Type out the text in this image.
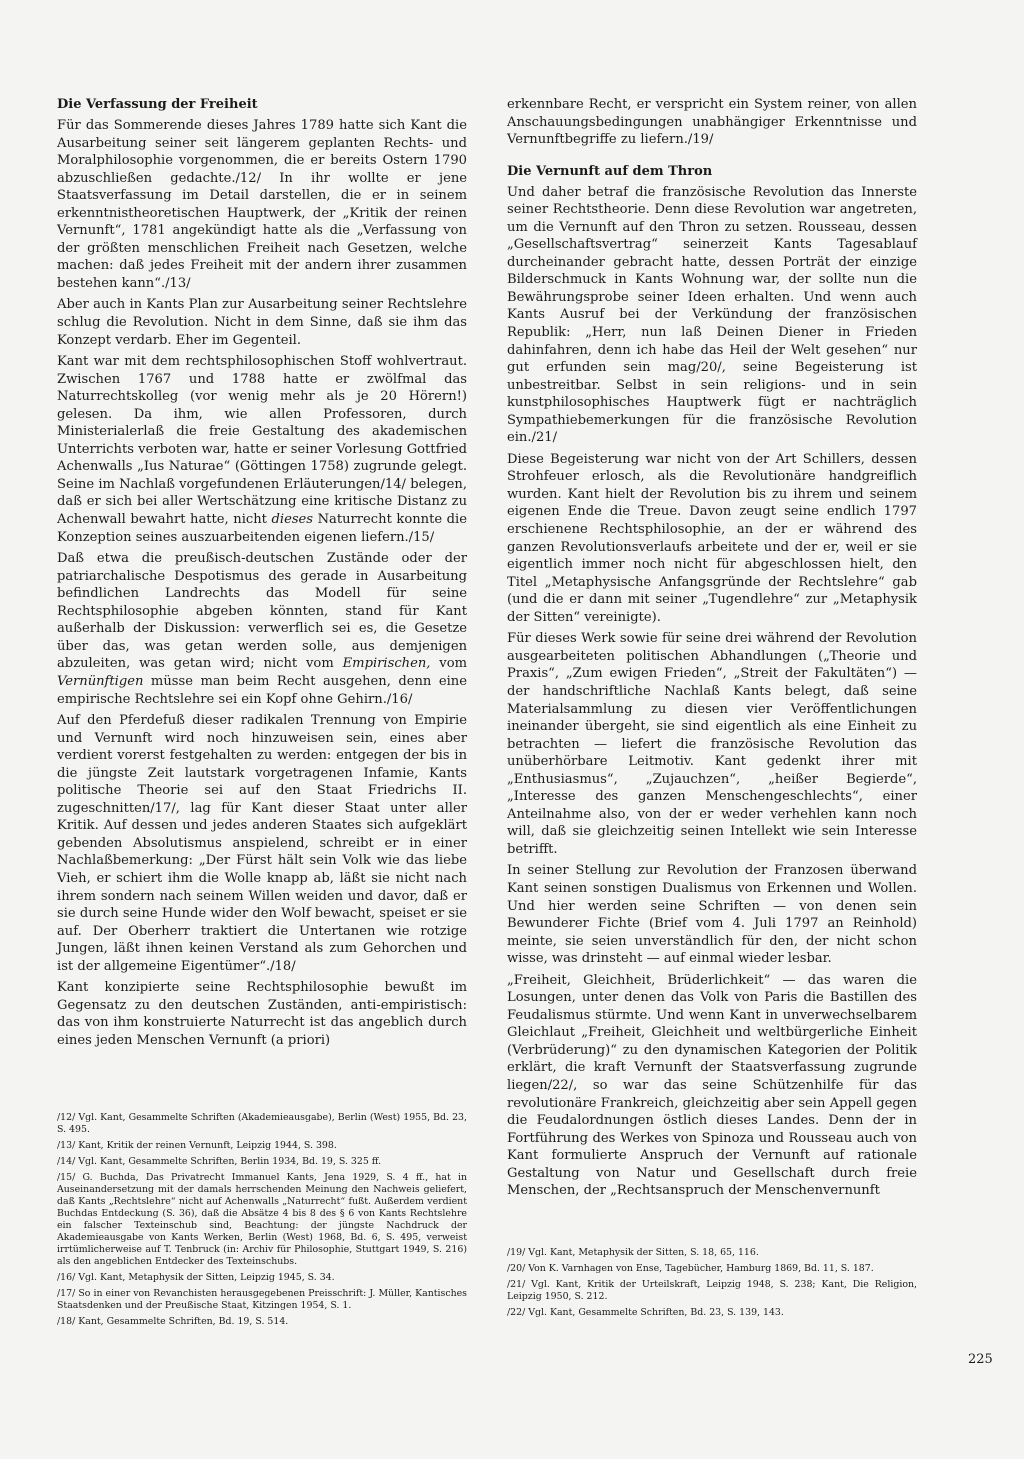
Die Verfassung der Freiheit

Für das Sommerende dieses Jahres 1789 hatte sich Kant die Ausarbeitung seiner seit längerem geplanten Rechts- und Moralphilosophie vorgenommen, die er bereits Ostern 1790 abzuschließen gedachte./12/ In ihr wollte er jene Staatsverfassung im Detail darstellen, die er in seinem erkenntnistheoretischen Hauptwerk, der „Kritik der reinen Vernunft“, 1781 angekündigt hatte als die „Verfassung von der größten menschlichen Freiheit nach Gesetzen, welche machen: daß jedes Freiheit mit der andern ihrer zusammen bestehen kann“./13/

Aber auch in Kants Plan zur Ausarbeitung seiner Rechtslehre schlug die Revolution. Nicht in dem Sinne, daß sie ihm das Konzept verdarb. Eher im Gegenteil.

Kant war mit dem rechtsphilosophischen Stoff wohlvertraut. Zwischen 1767 und 1788 hatte er zwölfmal das Naturrechtskolleg (vor wenig mehr als je 20 Hörern!) gelesen. Da ihm, wie allen Professoren, durch Ministerialerlaß die freie Gestaltung des akademischen Unterrichts verboten war, hatte er seiner Vorlesung Gottfried Achenwalls „Ius Naturae“ (Göttingen 1758) zugrunde gelegt. Seine im Nachlaß vorgefundenen Erläuterungen/14/ belegen, daß er sich bei aller Wertschätzung eine kritische Distanz zu Achenwall bewahrt hatte, nicht dieses Naturrecht konnte die Konzeption seines auszuarbeitenden eigenen liefern./15/

Daß etwa die preußisch-deutschen Zustände oder der patriarchalische Despotismus des gerade in Ausarbeitung befindlichen Landrechts das Modell für seine Rechtsphilosophie abgeben könnten, stand für Kant außerhalb der Diskussion: verwerflich sei es, die Gesetze über das, was getan werden solle, aus demjenigen abzuleiten, was getan wird; nicht vom Empirischen, vom Vernünftigen müsse man beim Recht ausgehen, denn eine empirische Rechtslehre sei ein Kopf ohne Gehirn./16/

Auf den Pferdefuß dieser radikalen Trennung von Empirie und Vernunft wird noch hinzuweisen sein, eines aber verdient vorerst festgehalten zu werden: entgegen der bis in die jüngste Zeit lautstark vorgetragenen Infamie, Kants politische Theorie sei auf den Staat Friedrichs II. zugeschnitten/17/, lag für Kant dieser Staat unter aller Kritik. Auf dessen und jedes anderen Staates sich aufgeklärt gebenden Absolutismus anspielend, schreibt er in einer Nachlaßbemerkung: „Der Fürst hält sein Volk wie das liebe Vieh, er schiert ihm die Wolle knapp ab, läßt sie nicht nach ihrem sondern nach seinem Willen weiden und davor, daß er sie durch seine Hunde wider den Wolf bewacht, speiset er sie auf. Der Oberherr traktiert die Untertanen wie rotzige Jungen, läßt ihnen keinen Verstand als zum Gehorchen und ist der allgemeine Eigentümer“./18/

Kant konzipierte seine Rechtsphilosophie bewußt im Gegensatz zu den deutschen Zuständen, anti-empiristisch: das von ihm konstruierte Naturrecht ist das angeblich durch eines jeden Menschen Vernunft (a priori)

/12/ Vgl. Kant, Gesammelte Schriften (Akademieausgabe), Berlin (West) 1955, Bd. 23, S. 495.

/13/ Kant, Kritik der reinen Vernunft, Leipzig 1944, S. 398.

/14/ Vgl. Kant, Gesammelte Schriften, Berlin 1934, Bd. 19, S. 325 ff.

/15/ G. Buchda, Das Privatrecht Immanuel Kants, Jena 1929, S. 4 ff., hat in Auseinandersetzung mit der damals herrschenden Meinung den Nachweis geliefert, daß Kants „Rechtslehre“ nicht auf Achenwalls „Naturrecht“ fußt. Außerdem verdient Buchdas Entdeckung (S. 36), daß die Absätze 4 bis 8 des § 6 von Kants Rechtslehre ein falscher Texteinschub sind, Beachtung: der jüngste Nachdruck der Akademieausgabe von Kants Werken, Berlin (West) 1968, Bd. 6, S. 495, verweist irrtümlicherweise auf T. Tenbruck (in: Archiv für Philosophie, Stuttgart 1949, S. 216) als den angeblichen Entdecker des Texteinschubs.

/16/ Vgl. Kant, Metaphysik der Sitten, Leipzig 1945, S. 34.

/17/ So in einer von Revanchisten herausgegebenen Preisschrift: J. Müller, Kantisches Staatsdenken und der Preußische Staat, Kitzingen 1954, S. 1.

/18/ Kant, Gesammelte Schriften, Bd. 19, S. 514.

erkennbare Recht, er verspricht ein System reiner, von allen Anschauungsbedingungen unabhängiger Erkenntnisse und Vernunftbegriffe zu liefern./19/

Die Vernunft auf dem Thron

Und daher betraf die französische Revolution das Innerste seiner Rechtstheorie. Denn diese Revolution war angetreten, um die Vernunft auf den Thron zu setzen. Rousseau, dessen „Gesellschaftsvertrag“ seinerzeit Kants Tagesablauf durcheinander gebracht hatte, dessen Porträt der einzige Bilderschmuck in Kants Wohnung war, der sollte nun die Bewährungsprobe seiner Ideen erhalten. Und wenn auch Kants Ausruf bei der Verkündung der französischen Republik: „Herr, nun laß Deinen Diener in Frieden dahinfahren, denn ich habe das Heil der Welt gesehen“ nur gut erfunden sein mag/20/, seine Begeisterung ist unbestreitbar. Selbst in sein religions- und in sein kunstphilosophisches Hauptwerk fügt er nachträglich Sympathiebemerkungen für die französische Revolution ein./21/

Diese Begeisterung war nicht von der Art Schillers, dessen Strohfeuer erlosch, als die Revolutionäre handgreiflich wurden. Kant hielt der Revolution bis zu ihrem und seinem eigenen Ende die Treue. Davon zeugt seine endlich 1797 erschienene Rechtsphilosophie, an der er während des ganzen Revolutionsverlaufs arbeitete und der er, weil er sie eigentlich immer noch nicht für abgeschlossen hielt, den Titel „Metaphysische Anfangsgründe der Rechtslehre“ gab (und die er dann mit seiner „Tugendlehre“ zur „Metaphysik der Sitten“ vereinigte).

Für dieses Werk sowie für seine drei während der Revolution ausgearbeiteten politischen Abhandlungen („Theorie und Praxis“, „Zum ewigen Frieden“, „Streit der Fakultäten“) — der handschriftliche Nachlaß Kants belegt, daß seine Materialsammlung zu diesen vier Veröffentlichungen ineinander übergeht, sie sind eigentlich als eine Einheit zu betrachten — liefert die französische Revolution das unüberhörbare Leitmotiv. Kant gedenkt ihrer mit „Enthusiasmus“, „Zujauchzen“, „heißer Begierde“, „Interesse des ganzen Menschengeschlechts“, einer Anteilnahme also, von der er weder verhehlen kann noch will, daß sie gleichzeitig seinen Intellekt wie sein Interesse betrifft.

In seiner Stellung zur Revolution der Franzosen überwand Kant seinen sonstigen Dualismus von Erkennen und Wollen. Und hier werden seine Schriften — von denen sein Bewunderer Fichte (Brief vom 4. Juli 1797 an Reinhold) meinte, sie seien unverständlich für den, der nicht schon wisse, was drinsteht — auf einmal wieder lesbar.

„Freiheit, Gleichheit, Brüderlichkeit“ — das waren die Losungen, unter denen das Volk von Paris die Bastillen des Feudalismus stürmte. Und wenn Kant in unverwechselbarem Gleichlaut „Freiheit, Gleichheit und weltbürgerliche Einheit (Verbrüderung)“ zu den dynamischen Kategorien der Politik erklärt, die kraft Vernunft der Staatsverfassung zugrunde liegen/22/, so war das seine Schützenhilfe für das revolutionäre Frankreich, gleichzeitig aber sein Appell gegen die Feudalordnungen östlich dieses Landes. Denn der in Fortführung des Werkes von Spinoza und Rousseau auch von Kant formulierte Anspruch der Vernunft auf rationale Gestaltung von Natur und Gesellschaft durch freie Menschen, der „Rechtsanspruch der Menschenvernunft

/19/ Vgl. Kant, Metaphysik der Sitten, S. 18, 65, 116.

/20/ Von K. Varnhagen von Ense, Tagebücher, Hamburg 1869, Bd. 11, S. 187.

/21/ Vgl. Kant, Kritik der Urteilskraft, Leipzig 1948, S. 238; Kant, Die Religion, Leipzig 1950, S. 212.

/22/ Vgl. Kant, Gesammelte Schriften, Bd. 23, S. 139, 143.

225
